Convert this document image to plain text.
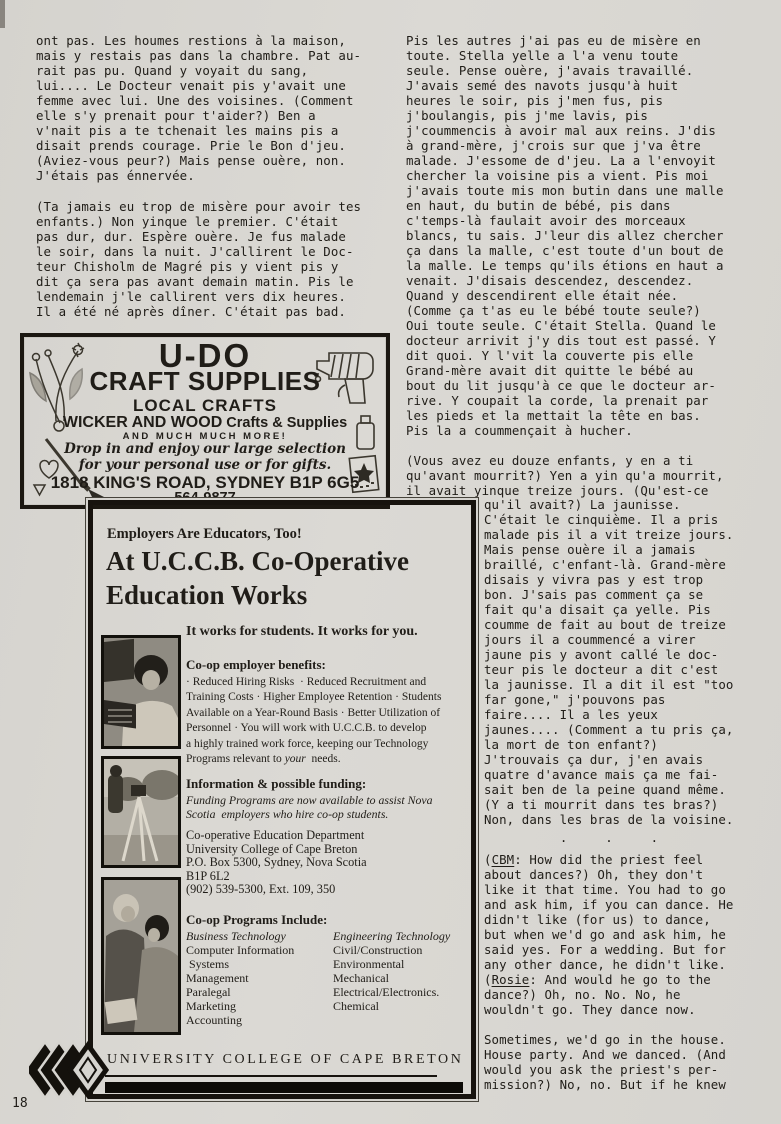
ont pas. Les houmes restions à la maison,
mais y restais pas dans la chambre. Pat au-
rait pas pu. Quand y voyait du sang,
lui.... Le Docteur venait pis y'avait une
femme avec lui. Une des voisines. (Comment
elle s'y prenait pour t'aider?) Ben a
v'nait pis a te tchenait les mains pis a
disait prends courage. Prie le Bon d'jeu.
(Aviez-vous peur?) Mais pense ouère, non.
J'étais pas énnervée.
(Ta jamais eu trop de misère pour avoir tes
enfants.) Non yinque le premier. C'était
pas dur, dur. Espère ouère. Je fus malade
le soir, dans la nuit. J'callirent le Doc-
teur Chisholm de Magré pis y vient pis y
dit ça sera pas avant demain matin. Pis le
lendemain j'le callirent vers dix heures.
Il a été né après dîner. C'était pas bad.
Pis les autres j'ai pas eu de misère en
toute. Stella yelle a l'a venu toute
seule. Pense ouère, j'avais travaillé.
J'avais semé des navots jusqu'à huit
heures le soir, pis j'men fus, pis
j'boulangis, pis j'me lavis, pis
j'coummencis à avoir mal aux reins. J'dis
à grand-mère, j'crois sur que j'va être
malade. J'essome de d'jeu. La a l'envoyit
chercher la voisine pis a vient. Pis moi
j'avais toute mis mon butin dans une malle
en haut, du butin de bébé, pis dans
c'temps-là faulait avoir des morceaux
blancs, tu sais. J'leur dis allez chercher
ça dans la malle, c'est toute d'un bout de
la malle. Le temps qu'ils étions en haut a
venait. J'disais descendez, descendez.
Quand y descendirent elle était née.
(Comme ça t'as eu le bébé toute seule?)
Oui toute seule. C'était Stella. Quand le
docteur arrivit j'y dis tout est passé. Y
dit quoi. Y l'vit la couverte pis elle
Grand-mère avait dit quitte le bébé au
bout du lit jusqu'à ce que le docteur ar-
rive. Y coupait la corde, la prenait par
les pieds et la mettait la tête en bas.
Pis la a coummençait à hucher.

(Vous avez eu douze enfants, y en a ti
qu'avant mourrit?) Yen a yin qu'a mourrit,
il avait yinque treize jours. (Qu'est-ce
qu'il avait?) La jaunisse.
C'était le cinquième. Il a pris
malade pis il a vit treize jours.
Mais pense ouère il a jamais
braillé, c'enfant-là. Grand-mère
disais y vivra pas y est trop
bon. J'sais pas comment ça se
fait qu'a disait ça yelle. Pis
coumme de fait au bout de treize
jours il a coummencé a virer
jaune pis y avont callé le doc-
teur pis le docteur a dit c'est
la jaunisse. Il a dit il est "too
far gone," j'pouvons pas
faire.... Il a les yeux
jaunes.... (Comment a tu pris ça,
la mort de ton enfant?)
J'trouvais ça dur, j'en avais
quatre d'avance mais ça me fai-
sait ben de la peine quand même.
(Y a ti mourrit dans tes bras?)
Non, dans les bras de la voisine.
.     .     .
(CBM: How did the priest feel
about dances?) Oh, they don't
like it that time. You had to go
and ask him, if you can dance. He
didn't like (for us) to dance,
but when we'd go and ask him, he
said yes. For a wedding. But for
any other dance, he didn't like.
(Rosie: And would he go to the
dance?) Oh, no. No. No, he
wouldn't go. They dance now.

Sometimes, we'd go in the house.
House party. And we danced. (And
would you ask the priest's per-
mission?) No, no. But if he knew
U-DO
CRAFT SUPPLIES
LOCAL CRAFTS
WICKER AND WOOD Crafts & Supplies
AND MUCH MUCH MORE!
Drop in and enjoy our large selection
for your personal use or for gifts.
1818 KING'S ROAD, SYDNEY B1P 6G5
564-9877
Employers Are Educators, Too!
At U.C.C.B. Co-Operative
Education Works
It works for students. It works for you.
Co-op employer benefits:
· Reduced Hiring Risks  · Reduced Recruitment and
Training Costs · Higher Employee Retention · Students
Available on a Year-Round Basis · Better Utilization of
Personnel · You will work with U.C.C.B. to develop
a highly trained work force, keeping our Technology
Programs relevant to your  needs.
Information & possible funding:
Funding Programs are now available to assist Nova
Scotia  employers who hire co-op students.
Co-operative Education Department
University College of Cape Breton
P.O. Box 5300, Sydney, Nova Scotia
B1P 6L2
(902) 539-5300, Ext. 109, 350
Co-op Programs Include:
Business Technology
Computer Information
Systems
Management
Paralegal
Marketing
Accounting
Engineering Technology
Civil/Construction
Environmental
Mechanical
Electrical/Electronics.
Chemical
UNIVERSITY COLLEGE OF CAPE BRETON
18
